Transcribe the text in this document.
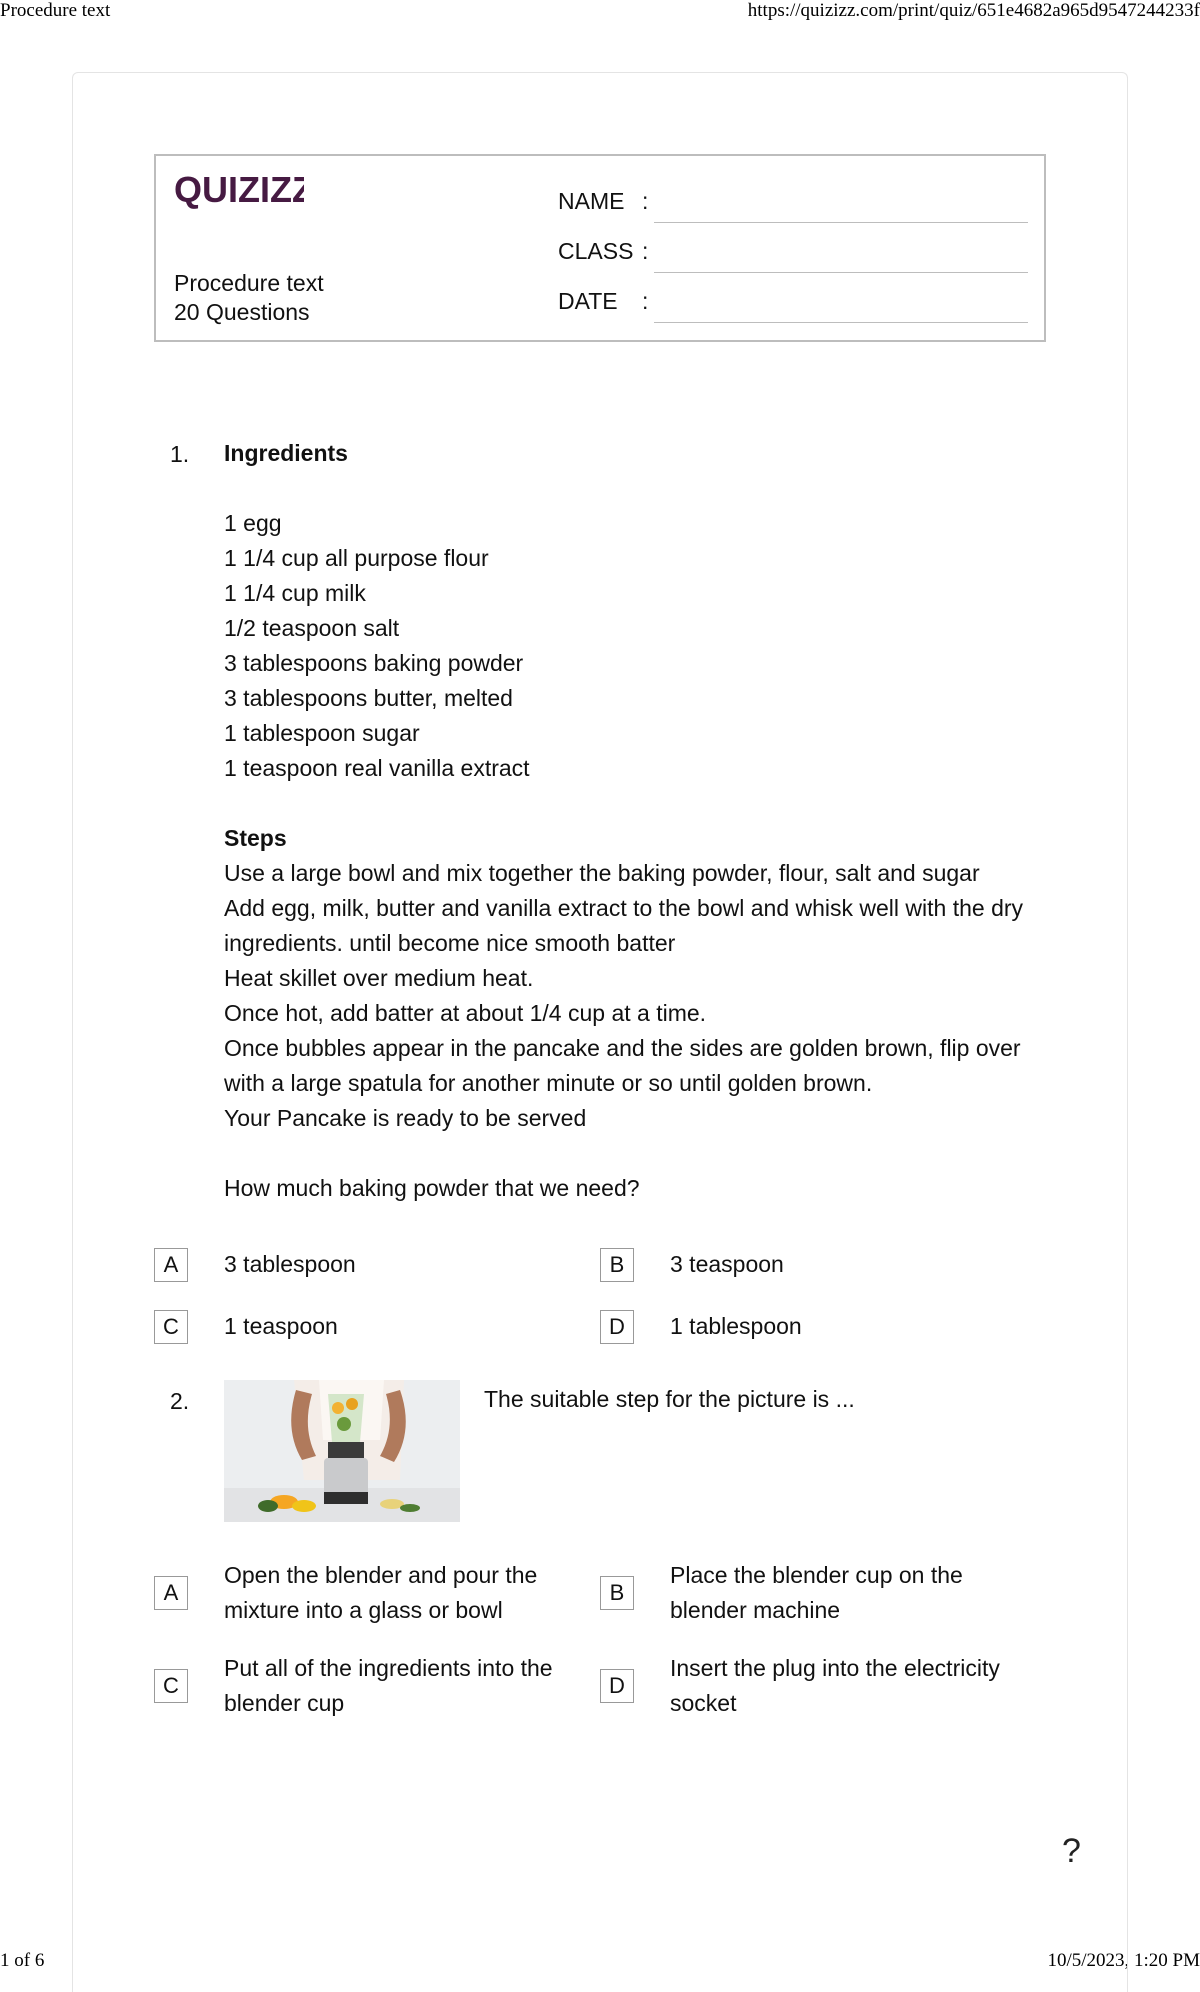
Procedure text	https://quizizz.com/print/quiz/651e4682a965d9547244233f
1 of 6	10/5/2023, 1:20 PM
QUIZIZZ
Procedure text
20 Questions
NAME :
CLASS :
DATE :
1. Ingredients
1 egg
1 1/4 cup all purpose flour
1 1/4 cup milk
1/2 teaspoon salt
3 tablespoons baking powder
3 tablespoons butter, melted
1 tablespoon sugar
1 teaspoon real vanilla extract
Steps
Use a large bowl and mix together the baking powder, flour, salt and sugar
Add egg, milk, butter and vanilla extract to the bowl and whisk well with the dry
ingredients. until become nice smooth batter
Heat skillet over medium heat.
Once hot, add batter at about 1/4 cup at a time.
Once bubbles appear in the pancake and the sides are golden brown, flip over
with a large spatula for another minute or so until golden brown.
Your Pancake is ready to be served
How much baking powder that we need?
A	3 tablespoon	B	3 teaspoon
C	1 teaspoon	D	1 tablespoon
2.	The suitable step for the picture is ...
A
Open the blender and pour the
mixture into a glass or bowl
B
Place the blender cup on the
blender machine
C
Put all of the ingredients into the
blender cup
D
Insert the plug into the electricity
socket
?
